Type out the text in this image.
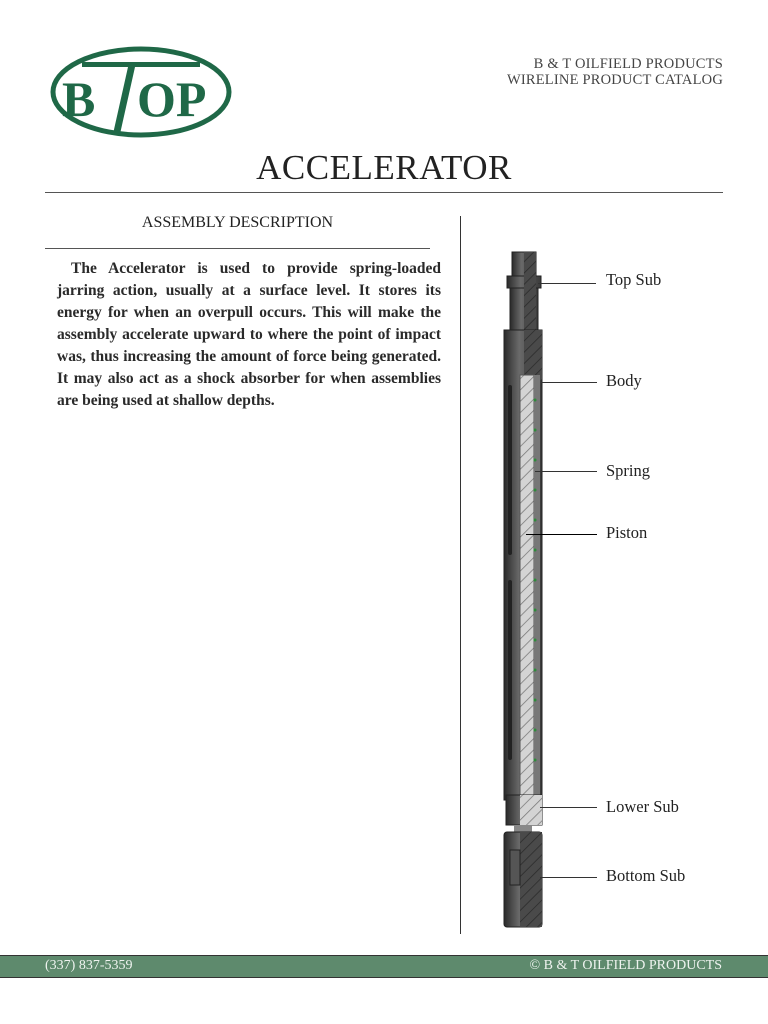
B OP
B & T OILFIELD PRODUCTS
WIRELINE PRODUCT CATALOG
ACCELERATOR
ASSEMBLY DESCRIPTION
The Accelerator is used to provide spring-loaded jarring action, usually at a surface level. It stores its energy for when an overpull occurs. This will make the assembly accelerate upward to where the point of impact was, thus increasing the amount of force being generated. It may also act as a shock absorber for when assemblies are being used at shallow depths.
Top Sub
Body
Spring
Piston
Lower Sub
Bottom Sub
(337) 837-5359	© B & T OILFIELD PRODUCTS
